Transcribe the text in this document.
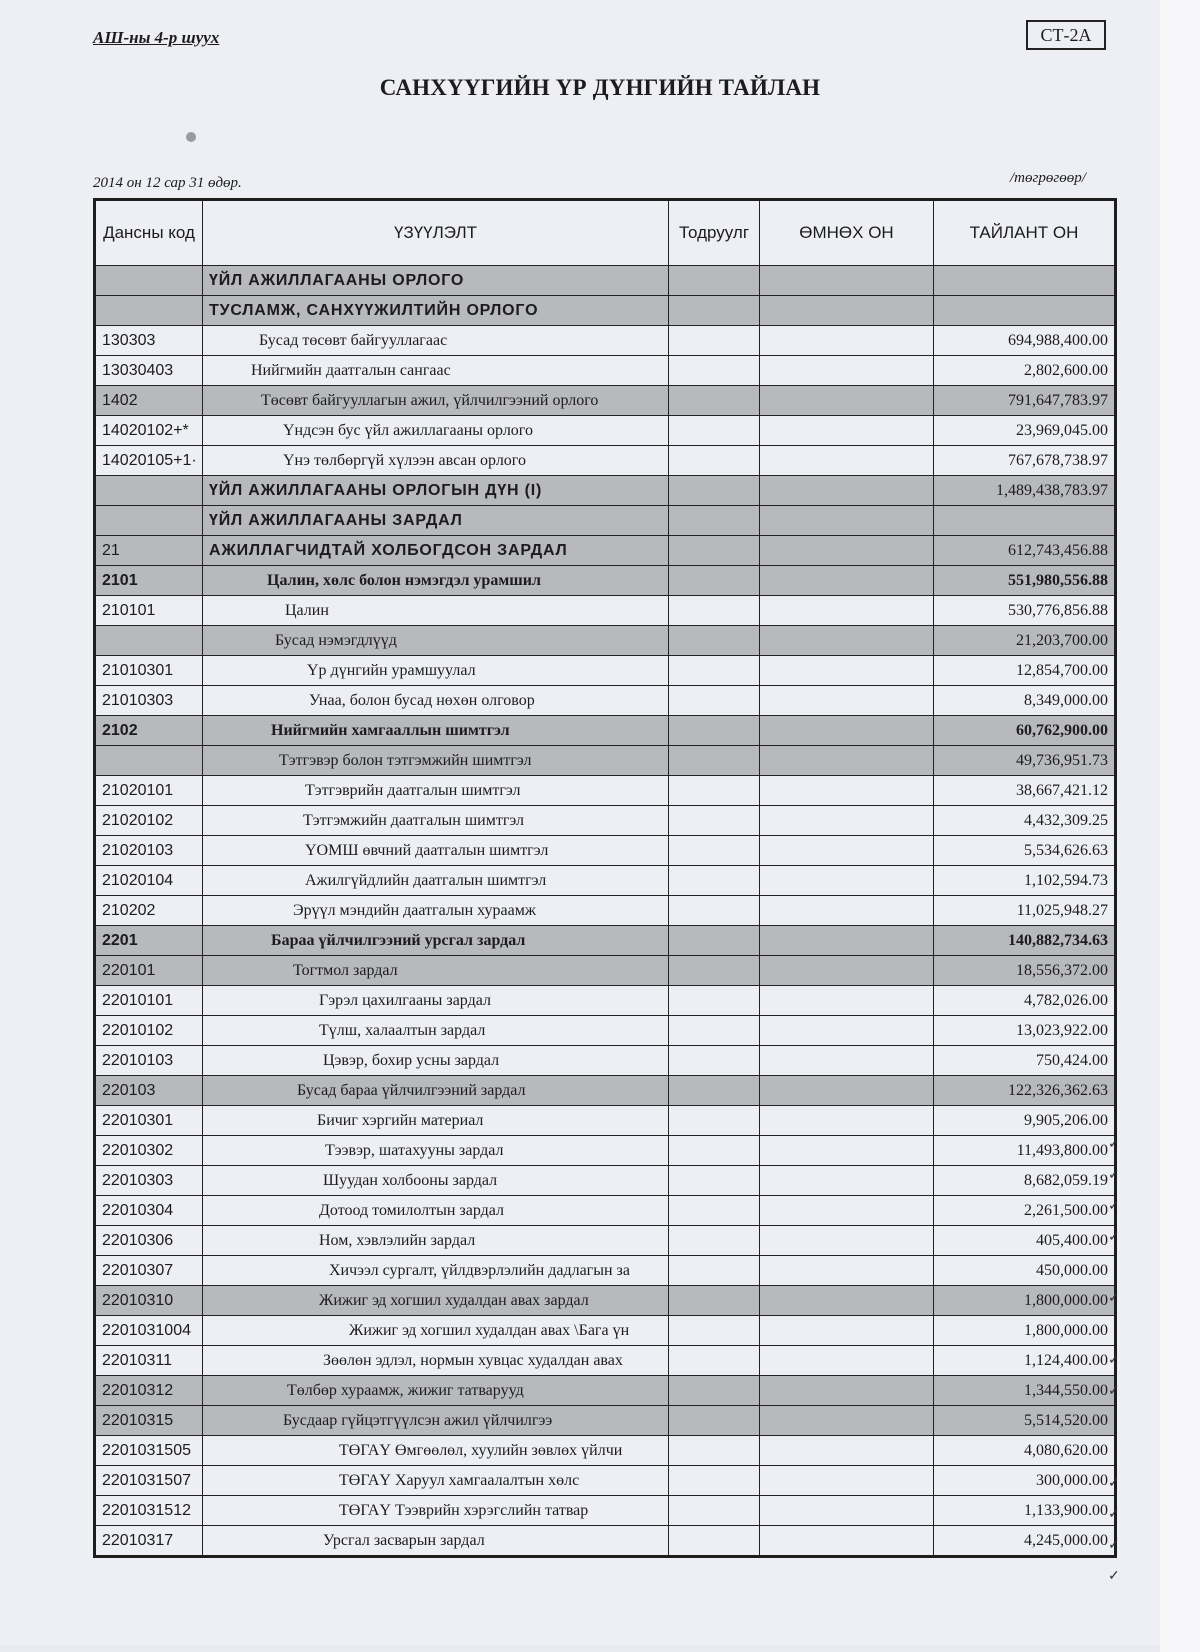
АШ-ны 4-р шууx	СТ-2А
САНХҮҮГИЙН ҮР ДҮНГИЙН ТАЙЛАН
2014 он 12 сар 31 өдөр.	/төгрөгөөр/
Дансны код	ҮЗҮҮЛЭЛТ	Тодруулг	ӨМНӨХ ОН	ТАЙЛАНТ ОН
	ҮЙЛ АЖИЛЛАГААНЫ ОРЛОГО			
	ТУСЛАМЖ, САНХҮҮЖИЛТИЙН ОРЛОГО			
130303	Бусад төсөвт байгууллагаас			694,988,400.00
13030403	Нийгмийн даатгалын сангаас			2,802,600.00
1402	Төсөвт байгууллагын ажил, үйлчилгээний орлого			791,647,783.97
14020102+*	Үндсэн бус үйл ажиллагааны орлого			23,969,045.00
14020105+1·	Үнэ төлбөргүй хүлээн авсан орлого			767,678,738.97
	ҮЙЛ АЖИЛЛАГААНЫ ОРЛОГЫН ДҮН (I)			1,489,438,783.97
	ҮЙЛ АЖИЛЛАГААНЫ ЗАРДАЛ			
21	АЖИЛЛАГЧИДТАЙ ХОЛБОГДСОН ЗАРДАЛ			612,743,456.88
2101	Цалин, хөлс болон нэмэгдэл урамшил			551,980,556.88
210101	Цалин			530,776,856.88
	Бусад нэмэгдлүүд			21,203,700.00
21010301	Үр дүнгийн урамшуулал			12,854,700.00
21010303	Унаа, болон бусад нөхөн олговор			8,349,000.00
2102	Нийгмийн хамгааллын шимтгэл			60,762,900.00
	Тэтгэвэр болон тэтгэмжийн шимтгэл			49,736,951.73
21020101	Тэтгэврийн даатгалын шимтгэл			38,667,421.12
21020102	Тэтгэмжийн даатгалын шимтгэл			4,432,309.25
21020103	ҮОМШ өвчний даатгалын шимтгэл			5,534,626.63
21020104	Ажилгүйдлийн даатгалын шимтгэл			1,102,594.73
210202	Эрүүл мэндийн даатгалын хураамж			11,025,948.27
2201	Бараа үйлчилгээний урсгал зардал			140,882,734.63
220101	Тогтмол зардал			18,556,372.00
22010101	Гэрэл цахилгааны зардал			4,782,026.00
22010102	Түлш, халаалтын зардал			13,023,922.00
22010103	Цэвэр, бохир усны зардал			750,424.00
220103	Бусад бараа үйлчилгээний зардал			122,326,362.63
22010301	Бичиг хэргийн материал			9,905,206.00
22010302	Тээвэр, шатахууны зардал			11,493,800.00
22010303	Шуудан холбооны зардал			8,682,059.19
22010304	Дотоод томилолтын зардал			2,261,500.00
22010306	Ном, хэвлэлийн зардал			405,400.00
22010307	Хичээл сургалт, үйлдвэрлэлийн дадлагын за			450,000.00
22010310	Жижиг эд хогшил худалдан авах зардал			1,800,000.00
2201031004	Жижиг эд хогшил худалдан авах \Бага үн			1,800,000.00
22010311	Зөөлөн эдлэл, нормын хувцас худалдан авах			1,124,400.00
22010312	Төлбөр хураамж, жижиг татварууд			1,344,550.00
22010315	Бусдаар гүйцэтгүүлсэн ажил үйлчилгээ			5,514,520.00
2201031505	ТӨГАҮ Өмгөөлөл, хуулийн зөвлөх үйлчи			4,080,620.00
2201031507	ТӨГАҮ Харуул хамгаалалтын хөлс			300,000.00
2201031512	ТӨГАҮ Тээврийн хэрэгслийн татвар			1,133,900.00
22010317	Урсгал засварын зардал			4,245,000.00
✓
✓
✓
✓
✓
✓
✓
✓
✓
✓
✓
